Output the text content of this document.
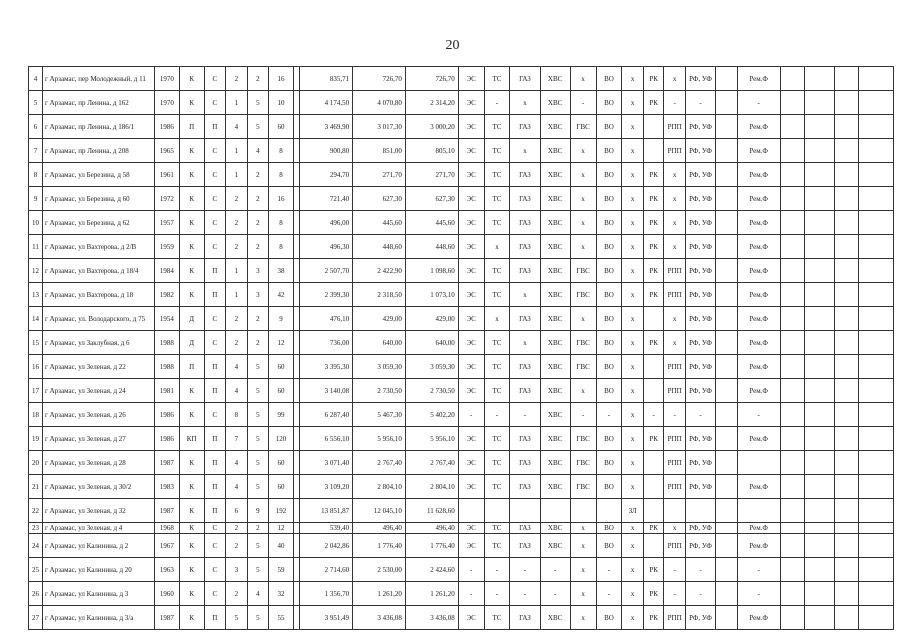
20
4	г Арзамас, пер Молодежный, д 11	1970	К	С	2	2	16		835,71	726,70	726,70	ЭС	ТС	ГАЗ	ХВС	х	ВО	х	РК	х	РФ, УФ		Рем.Ф				
5	г Арзамас, пр Ленина, д 162	1970	К	С	1	5	10		4 174,50	4 070,80	2 314,20	ЭС	-	х	ХВС	-	ВО	х	РК	-	-		-				
6	г Арзамас, пр Ленина, д 186/1	1986	П	П	4	5	60		3 469,90	3 017,30	3 000,20	ЭС	ТС	ГАЗ	ХВС	ГВС	ВО	х		РПП	РФ, УФ		Рем.Ф				
7	г Арзамас, пр Ленина, д 208	1965	К	С	1	4	8		900,80	851,00	805,10	ЭС	ТС	х	ХВС	х	ВО	х		РПП	РФ, УФ		Рем.Ф				
8	г Арзамас, ул Березина, д 58	1961	К	С	1	2	8		294,70	271,70	271,70	ЭС	ТС	ГАЗ	ХВС	х	ВО	х	РК	х	РФ, УФ		Рем.Ф				
9	г Арзамас, ул Березина, д 60	1972	К	С	2	2	16		721,40	627,30	627,30	ЭС	ТС	ГАЗ	ХВС	х	ВО	х	РК	х	РФ, УФ		Рем.Ф				
10	г Арзамас, ул Березина, д 62	1957	К	С	2	2	8		496,00	445,60	445,60	ЭС	ТС	ГАЗ	ХВС	х	ВО	х	РК	х	РФ, УФ		Рем.Ф				
11	г Арзамас, ул Вахтерова, д 2/В	1959	К	С	2	2	8		496,30	448,60	448,60	ЭС	х	ГАЗ	ХВС	х	ВО	х	РК	х	РФ, УФ		Рем.Ф				
12	г Арзамас, ул Вахтерова, д 18/4	1984	К	П	1	3	38		2 507,70	2 422,90	1 098,60	ЭС	ТС	ГАЗ	ХВС	ГВС	ВО	х	РК	РПП	РФ, УФ		Рем.Ф				
13	г Арзамас, ул Вахтерова, д 18	1982	К	П	1	3	42		2 399,30	2 318,50	1 073,10	ЭС	ТС	х	ХВС	ГВС	ВО	х	РК	РПП	РФ, УФ		Рем.Ф				
14	г Арзамас, ул. Володарского, д 75	1954	Д	С	2	2	9		476,10	429,00	429,00	ЭС	х	ГАЗ	ХВС	х	ВО	х		х	РФ, УФ		Рем.Ф				
15	г Арзамас, ул Заклубная, д 6	1988	Д	С	2	2	12		736,00	640,00	640,00	ЭС	ТС	х	ХВС	ГВС	ВО	х	РК	х	РФ, УФ		Рем.Ф				
16	г Арзамас, ул Зеленая, д 22	1988	П	П	4	5	60		3 395,30	3 059,30	3 059,30	ЭС	ТС	ГАЗ	ХВС	ГВС	ВО	х		РПП	РФ, УФ		Рем.Ф				
17	г Арзамас, ул Зеленая, д 24	1981	К	П	4	5	60		3 140,08	2 730,50	2 730,50	ЭС	ТС	ГАЗ	ХВС	х	ВО	х		РПП	РФ, УФ		Рем.Ф				
18	г Арзамас, ул Зеленая, д 26	1986	К	С	8	5	99		6 287,40	5 467,30	5 402,20	-	-	-	ХВС	-	-	х	-	-	-		-				
19	г Арзамас, ул Зеленая, д 27	1986	КП	П	7	5	120		6 556,10	5 956,10	5 956,10	ЭС	ТС	ГАЗ	ХВС	ГВС	ВО	х	РК	РПП	РФ, УФ		Рем.Ф				
20	г Арзамас, ул Зеленая, д 28	1987	К	П	4	5	60		3 071,40	2 767,40	2 767,40	ЭС	ТС	ГАЗ	ХВС	ГВС	ВО	х		РПП	РФ, УФ						
21	г Арзамас, ул Зеленая, д 30/2	1983	К	П	4	5	60		3 109,20	2 804,10	2 804,10	ЭС	ТС	ГАЗ	ХВС	ГВС	ВО	х		РПП	РФ, УФ		Рем.Ф				
22	г Арзамас, ул Зеленая, д 32	1987	К	П	6	9	192		13 851,87	12 045,10	11 628,60							ЗЛ									
23	г Арзамас, ул Зеленая, д 4	1968	К	С	2	2	12		539,40	496,40	496,40	ЭС	ТС	ГАЗ	ХВС	х	ВО	х	РК	х	РФ, УФ		Рем.Ф				
24	г Арзамас, ул Калинина, д 2	1967	К	С	2	5	40		2 042,86	1 776,40	1 776,40	ЭС	ТС	ГАЗ	ХВС	х	ВО	х		РПП	РФ, УФ		Рем.Ф				
25	г Арзамас, ул Калинина, д 20	1963	К	С	3	5	59		2 714,60	2 530,00	2 424,60	-	-	-	-	х	-	х	РК	-	-		-				
26	г Арзамас, ул Калинина, д 3	1960	К	С	2	4	32		1 356,70	1 261,20	1 261,20	-	-	-	-	х	-	х	РК	-	-		-				
27	г Арзамас, ул Калинина, д 3/а	1987	К	П	5	5	55		3 951,49	3 436,08	3 436,08	ЭС	ТС	ГАЗ	ХВС	х	ВО	х	РК	РПП	РФ, УФ		Рем.Ф				
